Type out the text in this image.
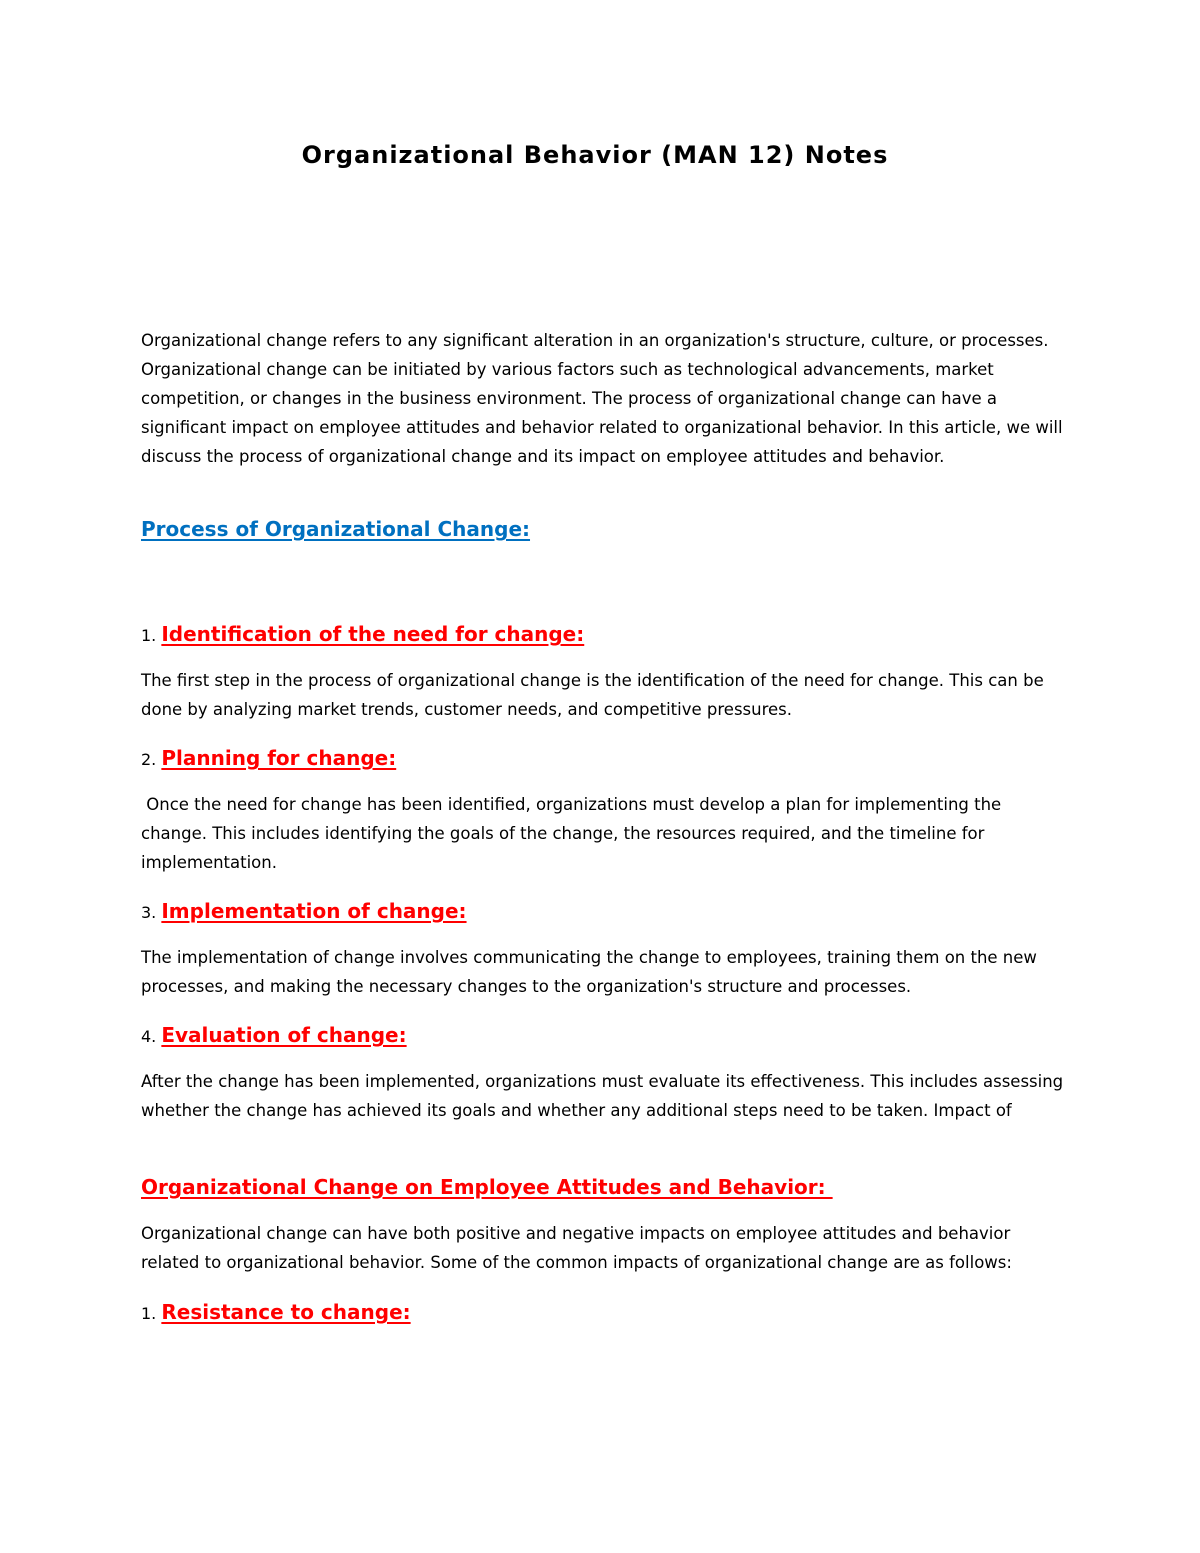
Organizational Behavior (MAN 12) Notes

Organizational change refers to any significant alteration in an organization's structure, culture, or processes. Organizational change can be initiated by various factors such as technological advancements, market competition, or changes in the business environment. The process of organizational change can have a significant impact on employee attitudes and behavior related to organizational behavior. In this article, we will discuss the process of organizational change and its impact on employee attitudes and behavior.

Process of Organizational Change:
1. Identification of the need for change:

The first step in the process of organizational change is the identification of the need for change. This can be done by analyzing market trends, customer needs, and competitive pressures.

2. Planning for change:

Once the need for change has been identified, organizations must develop a plan for implementing the change. This includes identifying the goals of the change, the resources required, and the timeline for implementation.

3. Implementation of change:

The implementation of change involves communicating the change to employees, training them on the new processes, and making the necessary changes to the organization's structure and processes.

4. Evaluation of change:

After the change has been implemented, organizations must evaluate its effectiveness. This includes assessing whether the change has achieved its goals and whether any additional steps need to be taken. Impact of

Organizational Change on Employee Attitudes and Behavior:

Organizational change can have both positive and negative impacts on employee attitudes and behavior related to organizational behavior. Some of the common impacts of organizational change are as follows:

1. Resistance to change:
